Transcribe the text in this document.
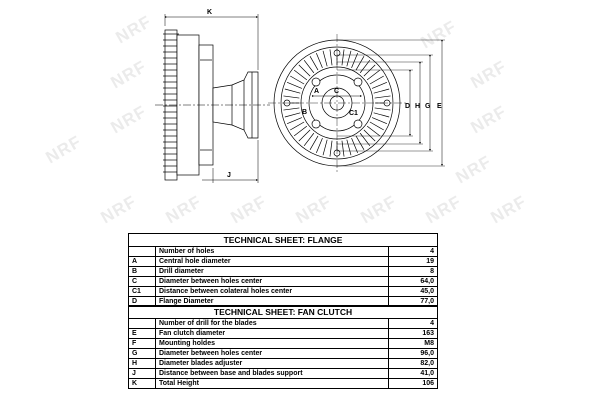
NRF
NRF
NRF
NRF
NRF
NRF
NRF
NRF
NRF NRF NRF NRF NRF NRF NRF
K
J
A C
B	C1
D H G E
TECHNICAL SHEET: FLANGE		
	Number of holes	4
A	Central hole diameter	19
B	Drill diameter	8
C	Diameter between holes center	64,0
C1	Distance between colateral holes center	45,0
D	Flange Diameter	77,0
TECHNICAL SHEET: FAN CLUTCH		
	Number of drill for the blades	4
E	Fan clutch diameter	163
F	Mounting holdes	M8
G	Diameter between holes center	96,0
H	Diameter blades adjuster	82,0
J	Distance between base and blades support	41,0
K	Total Height	106
